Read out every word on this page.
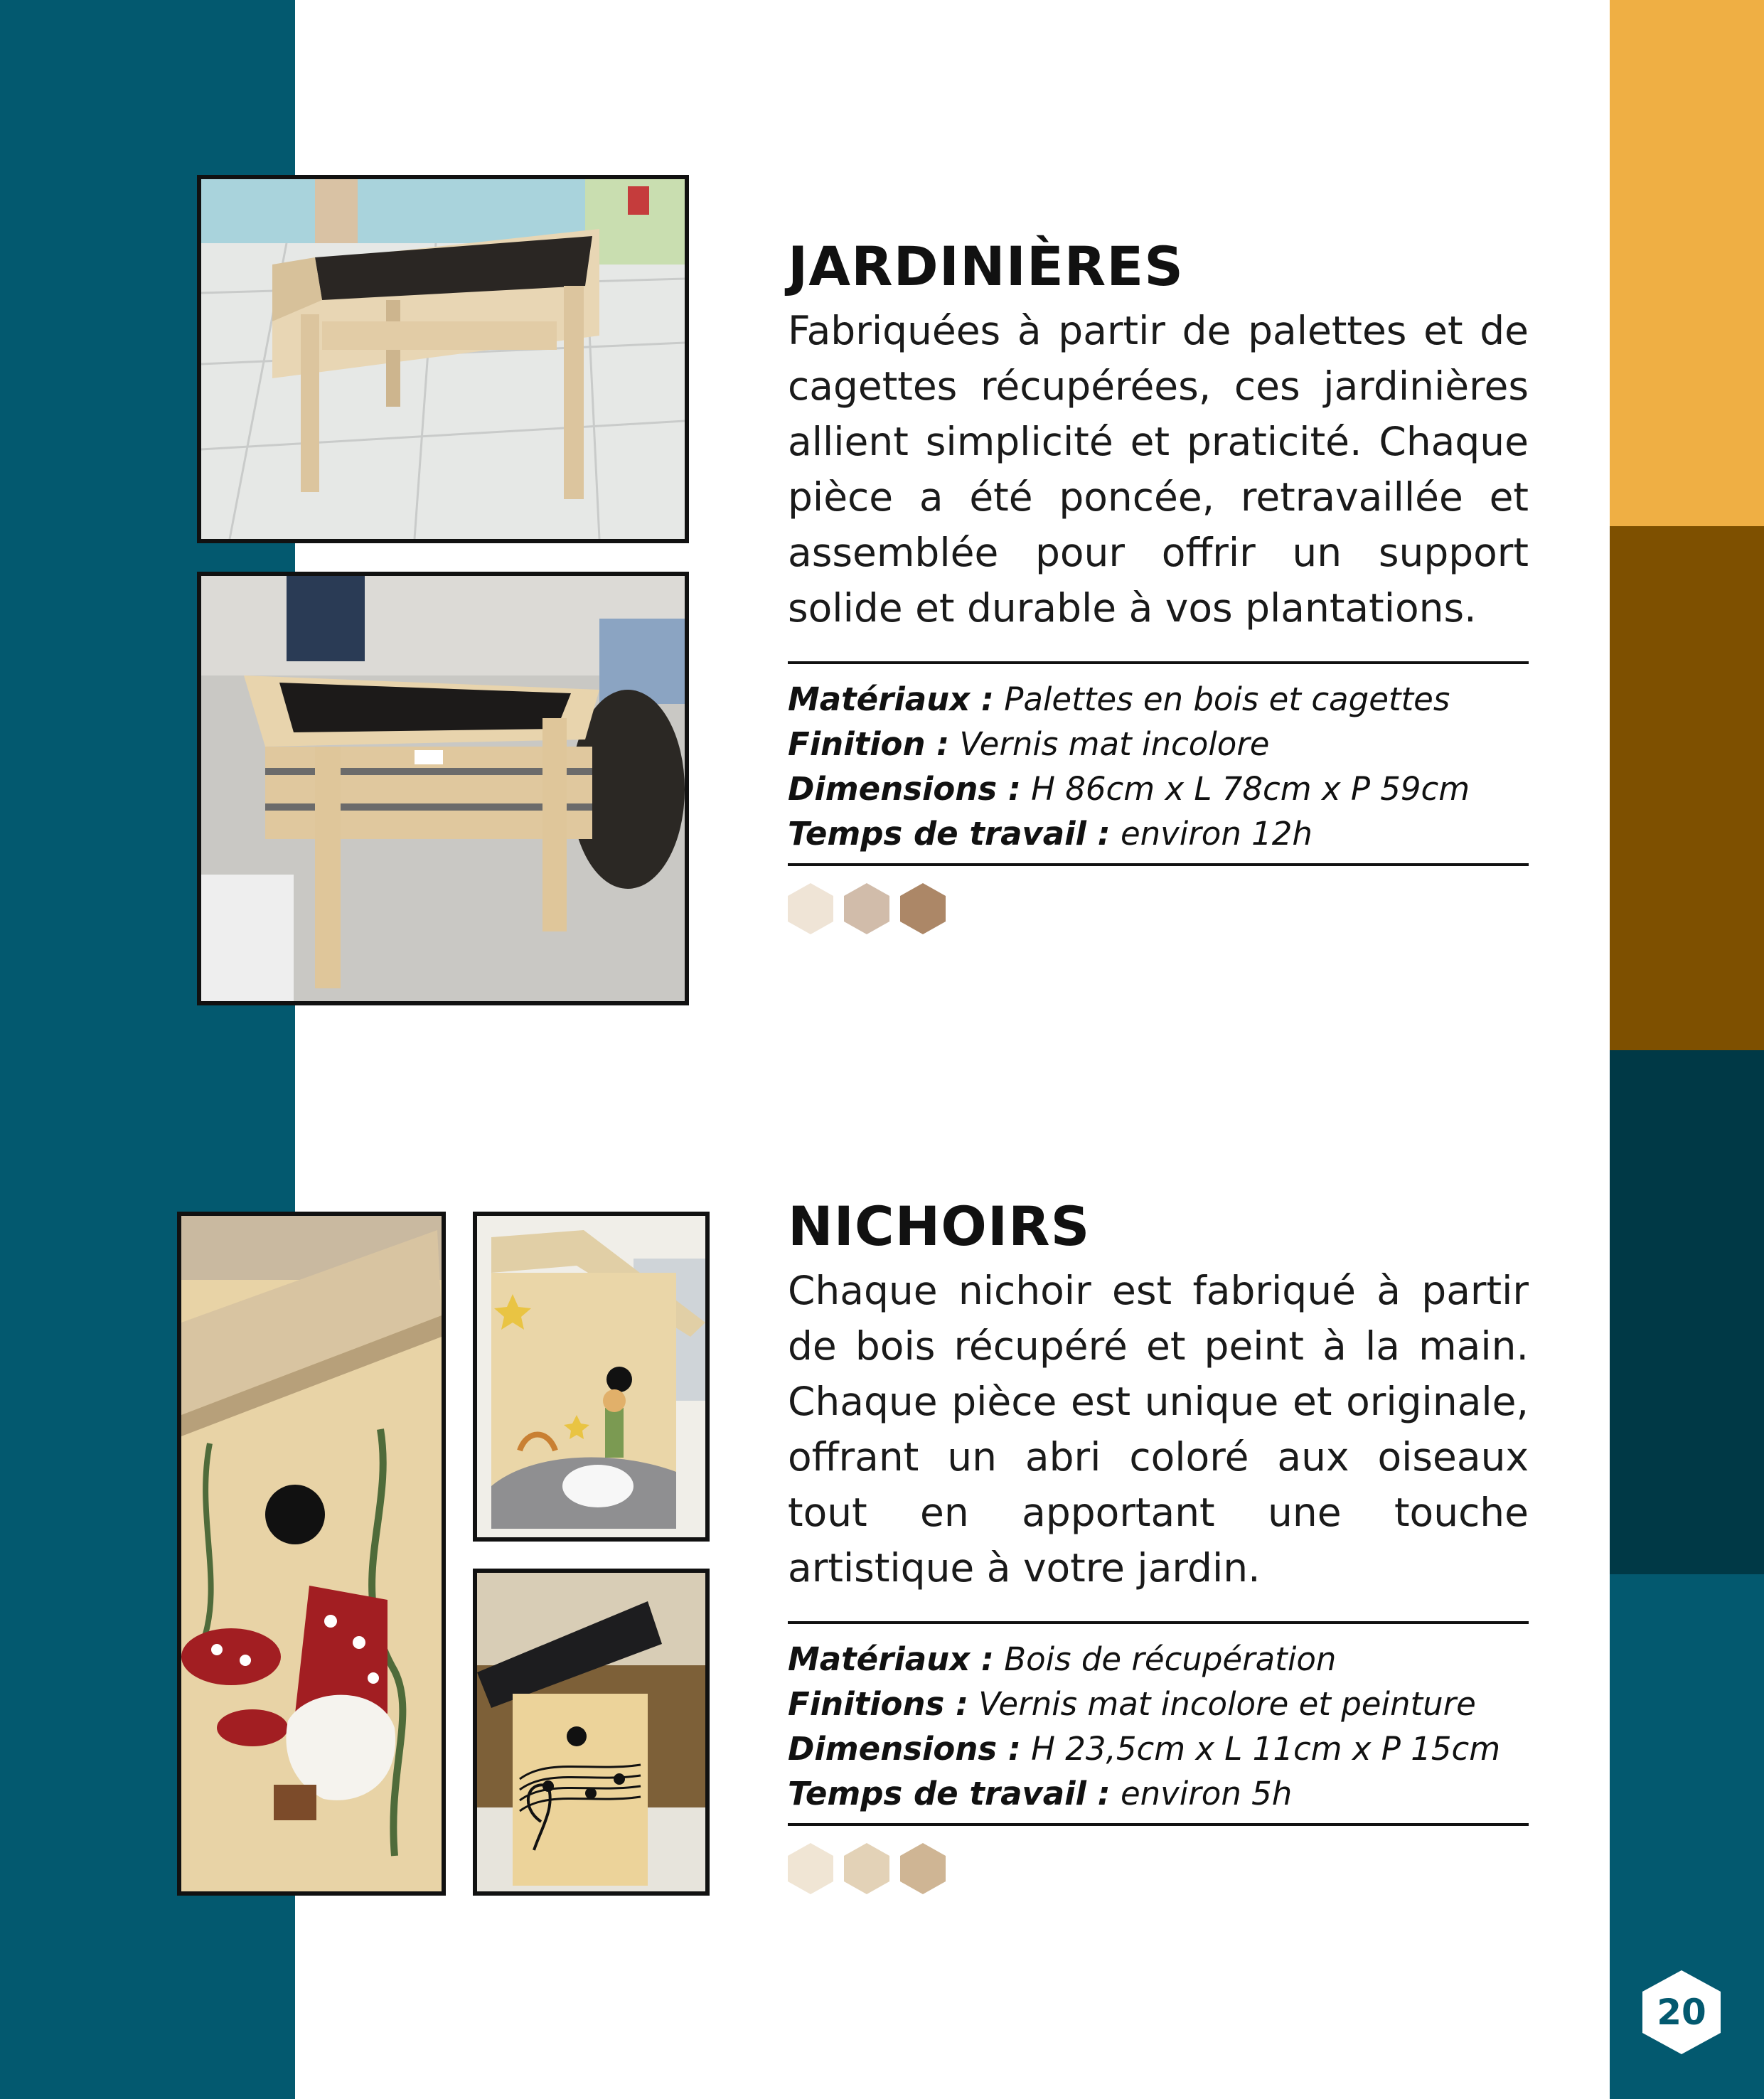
JARDINIÈRES

Fabriquées à partir de palettes et de cagettes récupérées, ces jardinières allient simplicité et praticité. Chaque pièce a été poncée, retravaillée et assemblée pour offrir un support solide et durable à vos plantations.

Matériaux : Palettes en bois et cagettes
Finition : Vernis mat incolore
Dimensions : H 86cm x L 78cm x P 59cm
Temps de travail : environ 12h
NICHOIRS

Chaque nichoir est fabriqué à partir de bois récupéré et peint à la main. Chaque pièce est unique et originale, offrant un abri coloré aux oiseaux tout en apportant une touche artistique à votre jardin.

Matériaux : Bois de récupération
Finitions : Vernis mat incolore et peinture
Dimensions : H 23,5cm x L 11cm x P 15cm
Temps de travail : environ 5h
20
